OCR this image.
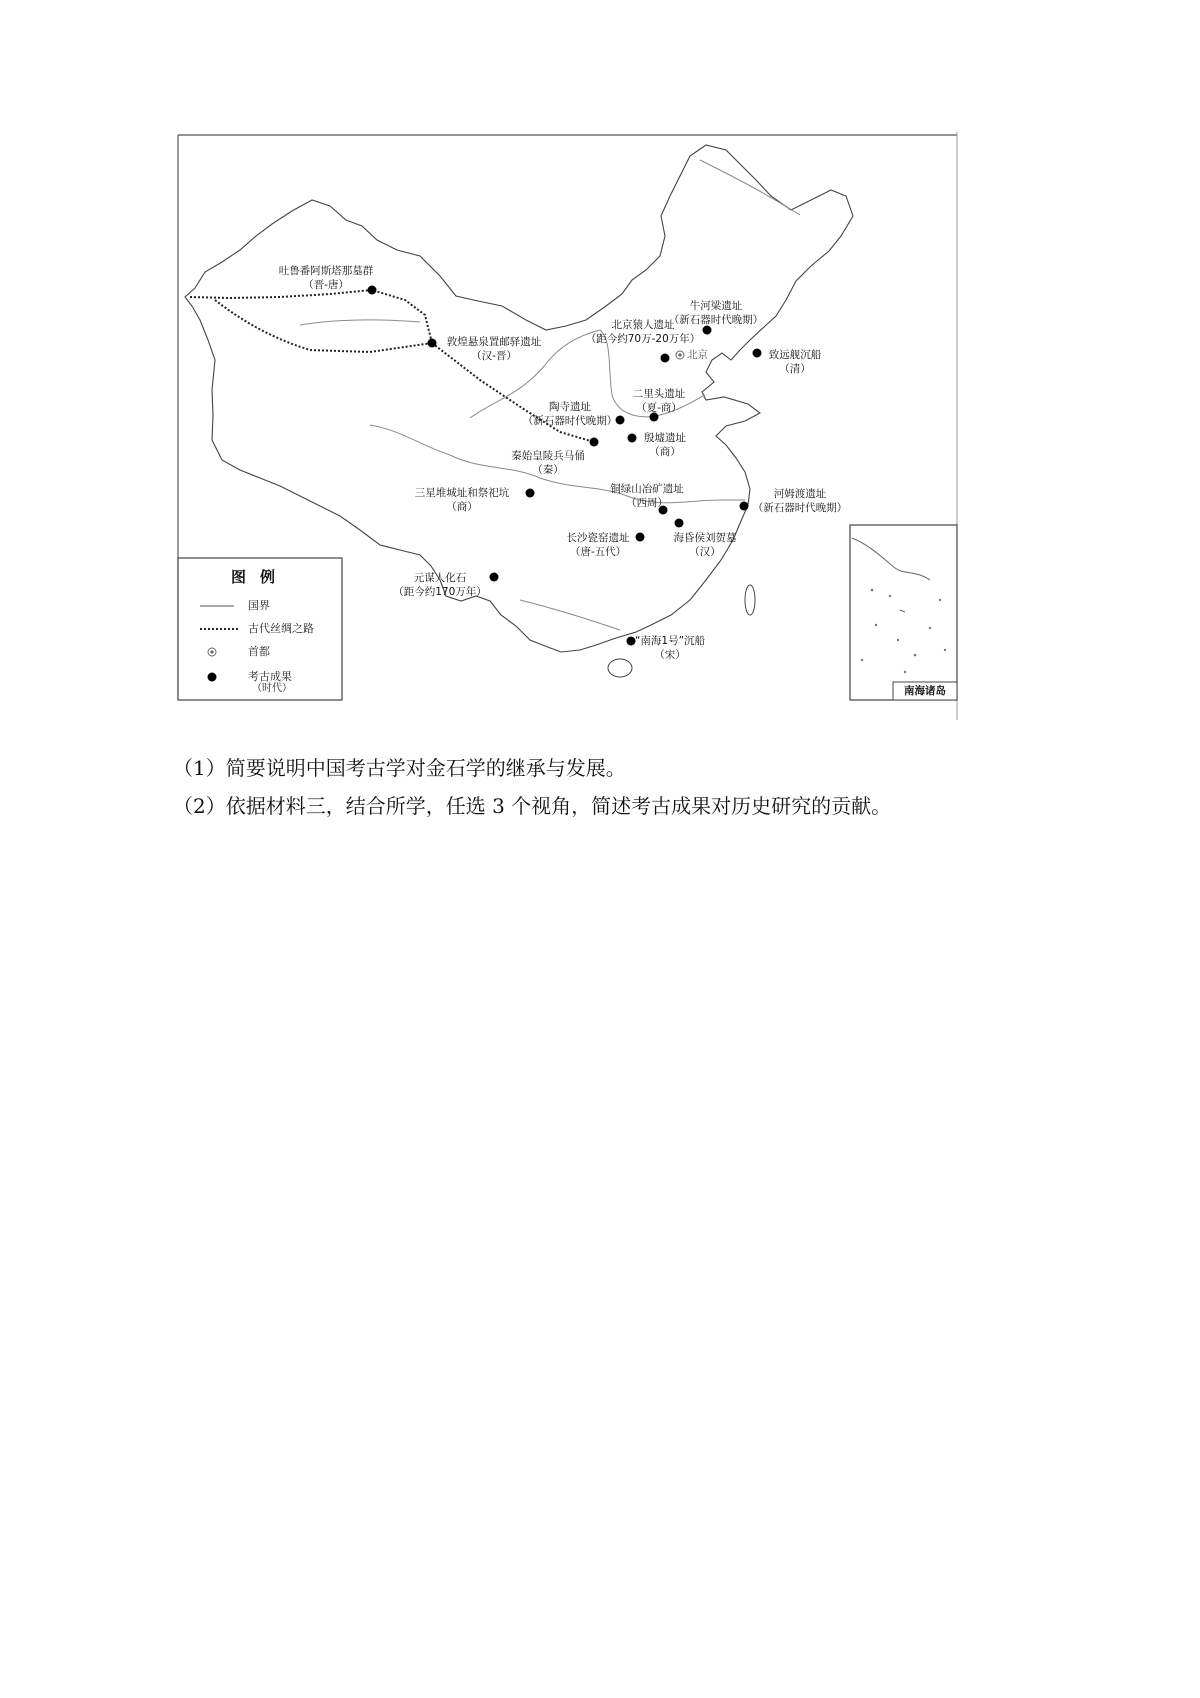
吐鲁番阿斯塔那墓群
（晋-唐）
敦煌悬泉置邮驿遗址
（汉-晋）
北京猿人遗址
（距今约70万-20万年）
牛河梁遗址
（新石器时代晚期）
致远舰沉船
（清）
二里头遗址
（夏-商）
陶寺遗址
（新石器时代晚期）
殷墟遗址
（商）
秦始皇陵兵马俑
（秦）
三星堆城址和祭祀坑
（商）
铜绿山冶矿遗址
（西周）
河姆渡遗址
（新石器时代晚期）
长沙瓷窑遗址
（唐-五代）
海昏侯刘贺墓
（汉）
元谋人化石
（距今约170万年）
“南海1号”沉船
（宋）
北京
图例
国界
古代丝绸之路
首都
考古成果
（时代）	南海诸岛
（1）简要说明中国考古学对金石学的继承与发展。
（2）依据材料三，结合所学，任选 3 个视角，简述考古成果对历史研究的贡献。
